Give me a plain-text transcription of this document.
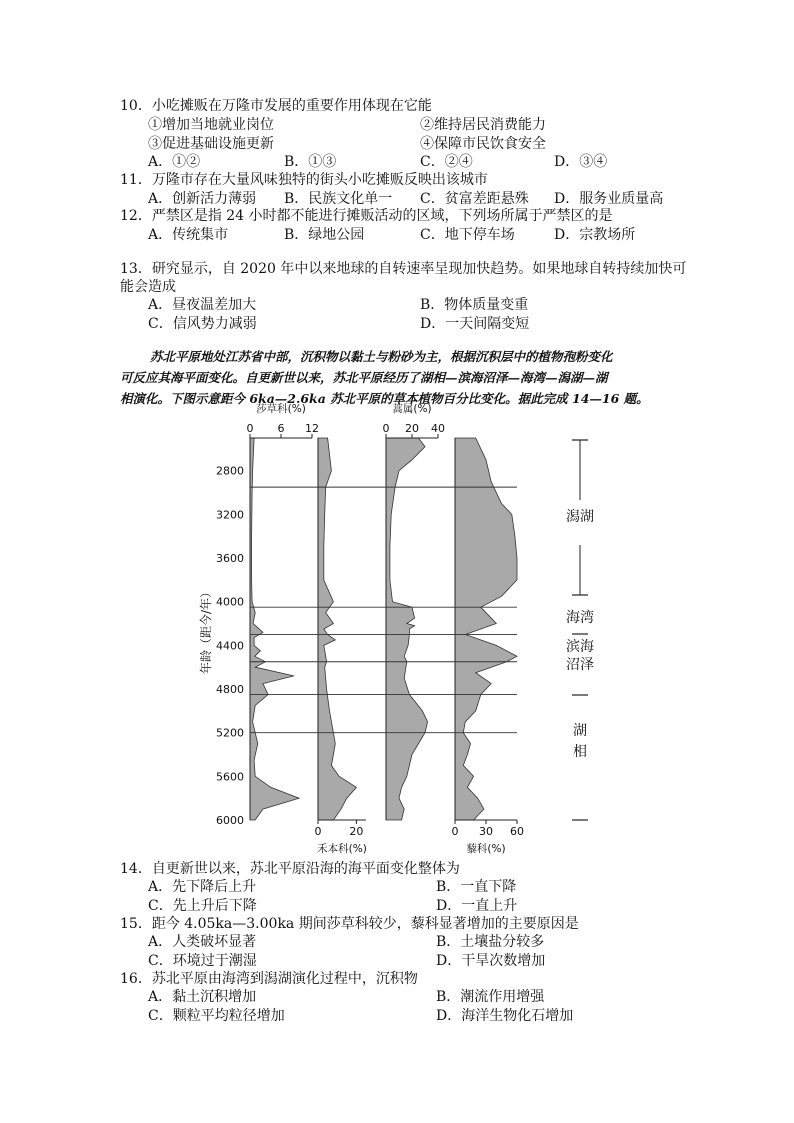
10．小吃摊贩在万隆市发展的重要作用体现在它能
①增加当地就业岗位	②维持居民消费能力
③促进基础设施更新	④保障市民饮食安全
A．①②	B．①③	C．②④	D．③④
11．万隆市存在大量风味独特的街头小吃摊贩反映出该城市
A．创新活力薄弱 B．民族文化单一 C．贫富差距悬殊 D．服务业质量高
12．严禁区是指 24 小时都不能进行摊贩活动的区域，下列场所属于严禁区的是
A．传统集市	B．绿地公园	C．地下停车场	D．宗教场所
13．研究显示，自 2020 年中以来地球的自转速率呈现加快趋势。如果地球自转持续加快可
能会造成
A．昼夜温差加大	B．物体质量变重
C．信风势力减弱	D．一天间隔变短
苏北平原地处江苏省中部，沉积物以黏土与粉砂为主，根据沉积层中的植物孢粉变化
可反应其海平面变化。自更新世以来，苏北平原经历了湖相—滨海沼泽—海湾—潟湖—湖
相演化。下图示意距今 6ka—2.6ka 苏北平原的草本植物百分比变化。据此完成 14—16 题。
0 6 12
莎草科(%)
0	20
禾本科(%)
0 20 40
蒿属(%)
0 30 60
藜科(%)
2800
3200
3600
4000
4400
4800
5200
5600
6000
年龄（距今/年）
潟湖
海湾
滨海
沼泽
湖
相
14．自更新世以来，苏北平原沿海的海平面变化整体为
A．先下降后上升	B．一直下降
C．先上升后下降	D．一直上升
15．距今 4.05ka—3.00ka 期间莎草科较少，藜科显著增加的主要原因是
A．人类破坏显著	B．土壤盐分较多
C．环境过于潮湿	D．干旱次数增加
16．苏北平原由海湾到潟湖演化过程中，沉积物
A．黏土沉积增加	B．潮流作用增强
C．颗粒平均粒径增加	D．海洋生物化石增加
